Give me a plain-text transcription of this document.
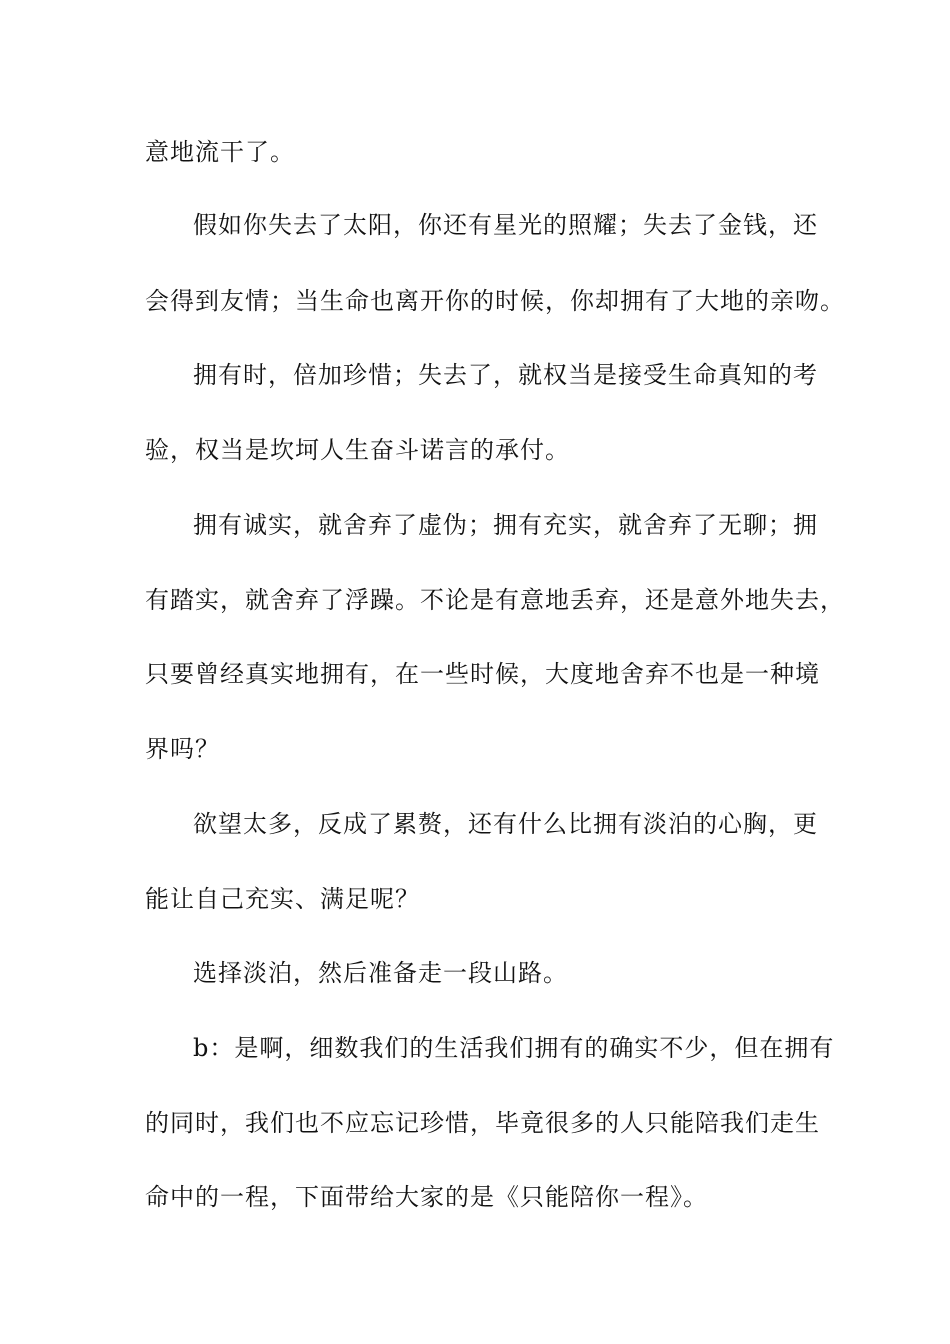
意地流干了。
假如你失去了太阳，你还有星光的照耀；失去了金钱，还
会得到友情；当生命也离开你的时候，你却拥有了大地的亲吻。
拥有时，倍加珍惜；失去了，就权当是接受生命真知的考
验，权当是坎坷人生奋斗诺言的承付。
拥有诚实，就舍弃了虚伪；拥有充实，就舍弃了无聊；拥
有踏实，就舍弃了浮躁。不论是有意地丢弃，还是意外地失去，
只要曾经真实地拥有，在一些时候，大度地舍弃不也是一种境
界吗？
欲望太多，反成了累赘，还有什么比拥有淡泊的心胸，更
能让自己充实、满足呢？
选择淡泊，然后准备走一段山路。
b：是啊，细数我们的生活我们拥有的确实不少，但在拥有
的同时，我们也不应忘记珍惜，毕竟很多的人只能陪我们走生
命中的一程，下面带给大家的是《只能陪你一程》。
